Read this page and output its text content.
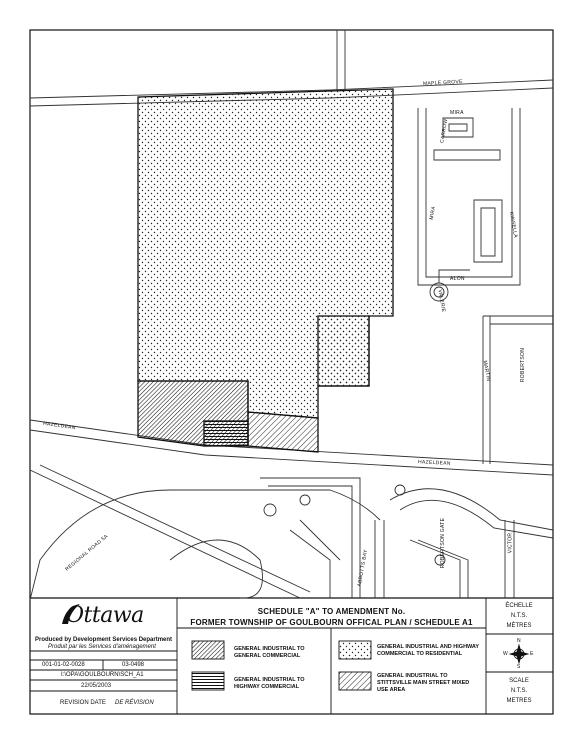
MAPLE GROVE
HAZELDEAN
HAZELDEAN
REGIONAL ROAD 5A
CARROW
MIRA
MIRA	KINSELLA
ALON
VALERIE
MARTIN	ROBERTSON
ABBOTTS BAY
VICTOR
ROBERTSON GATE
Ottawa
Produced by Development Services Department
Produit par les Services d'aménagement
001-01-02-0028	03-0498
I:\OPA\GOULBOURN\SCH_A1
22/05/2003
REVISION DATE DE RÉVISION
SCHEDULE "A" TO AMENDMENT No.
FORMER TOWNSHIP OF GOULBOURN OFFICAL PLAN / SCHEDULE A1
GENERAL INDUSTRIAL TO GENERAL COMMERCIAL
GENERAL INDUSTRIAL AND HIGHWAY COMMERCIAL TO RESIDENTIAL
GENERAL INDUSTRIAL TO HIGHWAY COMMERCIAL
GENERAL INDUSTRIAL TO STITTSVILLE MAIN STREET MIXED USE AREA
ÉCHELLE
N.T.S.
MÈTRES
N
S
E
W
SCALE
N.T.S.
METRES
